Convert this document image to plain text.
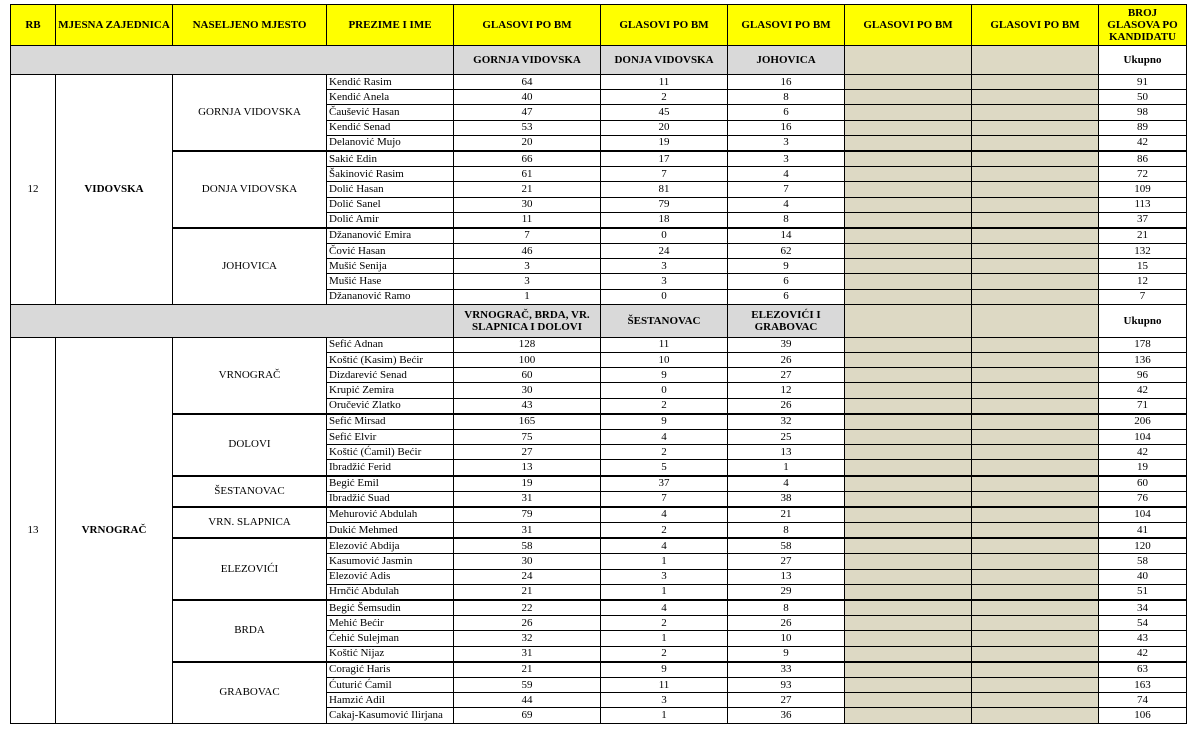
RB	MJESNA ZAJEDNICA	NASELJENO MJESTO	PREZIME I IME	GLASOVI PO BM	GLASOVI PO BM	GLASOVI PO BM	GLASOVI PO BM	GLASOVI PO BM	BROJ GLASOVA PO KANDIDATU
				GORNJA VIDOVSKA	DONJA VIDOVSKA	JOHOVICA			Ukupno
12	VIDOVSKA	GORNJA VIDOVSKA	Kendić Rasim	64	11	16			91
			Kendić Anela	40	2	8			50
			Čaušević Hasan	47	45	6			98
			Kendić Senad	53	20	16			89
			Delanović Mujo	20	19	3			42
		DONJA VIDOVSKA	Sakić Edin	66	17	3			86
			Šakinović Rasim	61	7	4			72
			Dolić Hasan	21	81	7			109
			Dolić Sanel	30	79	4			113
			Dolić Amir	11	18	8			37
		JOHOVICA	Džananović Emira	7	0	14			21
			Čović Hasan	46	24	62			132
			Mušić Senija	3	3	9			15
			Mušić Hase	3	3	6			12
			Džananović Ramo	1	0	6			7
				VRNOGRAČ, BRDA, VR. SLAPNICA I DOLOVI	ŠESTANOVAC	ELEZOVIĆI I GRABOVAC			Ukupno
13	VRNOGRAČ	VRNOGRAČ	Sefić Adnan	128	11	39			178
			Koštić (Kasim) Bećir	100	10	26			136
			Dizdarević Senad	60	9	27			96
			Krupić Zemira	30	0	12			42
			Oručević Zlatko	43	2	26			71
		DOLOVI	Sefić Mirsad	165	9	32			206
			Sefić Elvir	75	4	25			104
			Koštić (Ćamil) Bećir	27	2	13			42
			Ibradžić Ferid	13	5	1			19
		ŠESTANOVAC	Begić Emil	19	37	4			60
			Ibradžić Suad	31	7	38			76
		VRN. SLAPNICA	Mehurović Abdulah	79	4	21			104
			Dukić Mehmed	31	2	8			41
		ELEZOVIĆI	Elezović Abdija	58	4	58			120
			Kasumović Jasmin	30	1	27			58
			Elezović Adis	24	3	13			40
			Hrnčić Abdulah	21	1	29			51
		BRDA	Begić Šemsudin	22	4	8			34
			Mehić Bećir	26	2	26			54
			Ćehić Sulejman	32	1	10			43
			Koštić Nijaz	31	2	9			42
		GRABOVAC	Coragić Haris	21	9	33			63
			Ćuturić Ćamil	59	11	93			163
			Hamzić Adil	44	3	27			74
			Cakaj-Kasumović Ilirjana	69	1	36			106
